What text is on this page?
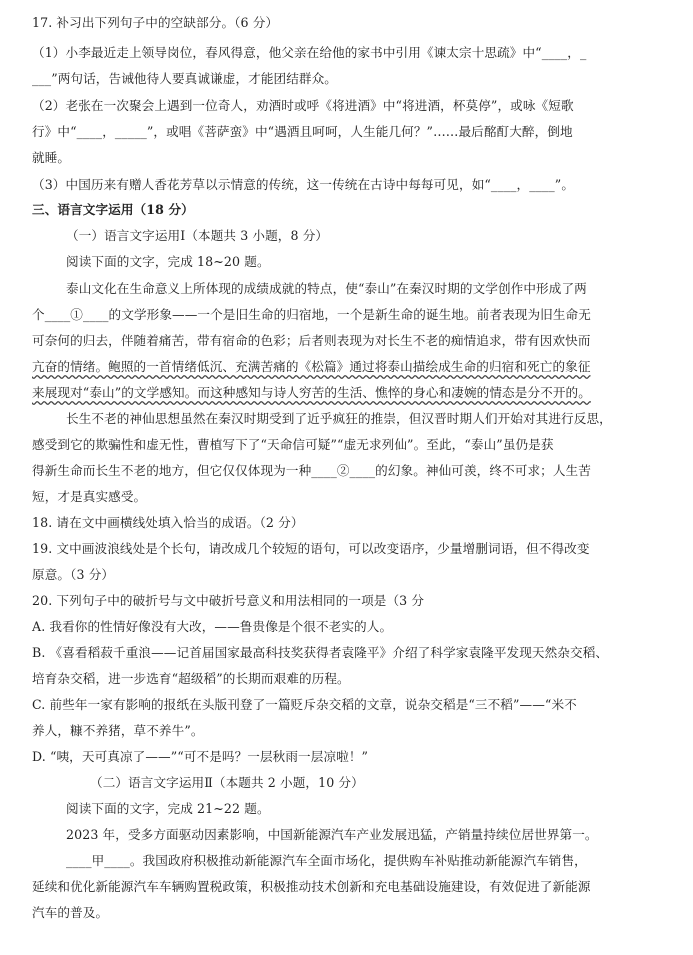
17. 补习出下列句子中的空缺部分。（6 分）
（1）小李最近走上领导岗位，春风得意，他父亲在给他的家书中引用《谏太宗十思疏》中“____，_
___”两句话，告诫他待人要真诚谦虚，才能团结群众。
（2）老张在一次聚会上遇到一位奇人，劝酒时或呼《将进酒》中“将进酒，杯莫停”，或咏《短歌
行》中“____，_____”，或唱《菩萨蛮》中“遇酒且呵呵，人生能几何？”……最后酩酊大醉，倒地
就睡。
（3）中国历来有赠人香花芳草以示情意的传统，这一传统在古诗中每每可见，如“____，____”。
三、语言文字运用（18 分）
（一）语言文字运用Ⅰ（本题共 3 小题，8 分）
阅读下面的文字，完成 18~20 题。
泰山文化在生命意义上所体现的成绩成就的特点，使“泰山”在秦汉时期的文学创作中形成了两
个____①____的文学形象——一个是旧生命的归宿地，一个是新生命的诞生地。前者表现为旧生命无
可奈何的归去，伴随着痛苦，带有宿命的色彩；后者则表现为对长生不老的痴情追求，带有因欢快而
亢奋的情绪。鲍照的一首情绪低沉、充满苦痛的《松篇》通过将泰山描绘成生命的归宿和死亡的象征
来展现对“泰山”的文学感知。而这种感知与诗人穷苦的生活、憔悴的身心和凄婉的情态是分不开的。
长生不老的神仙思想虽然在秦汉时期受到了近乎疯狂的推崇，但汉晋时期人们开始对其进行反思，
感受到它的欺骗性和虚无性，曹植写下了“天命信可疑”“虚无求列仙”。至此，“泰山”虽仍是获
得新生命而长生不老的地方，但它仅仅体现为一种____②____的幻象。神仙可羡，终不可求；人生苦
短，才是真实感受。
18. 请在文中画横线处填入恰当的成语。（2 分）
19. 文中画波浪线处是个长句，请改成几个较短的语句，可以改变语序，少量增删词语，但不得改变
原意。（3 分）
20. 下列句子中的破折号与文中破折号意义和用法相同的一项是（3 分
A. 我看你的性情好像没有大改，——鲁贵像是个很不老实的人。
B. 《喜看稻菽千重浪——记首届国家最高科技奖获得者袁隆平》介绍了科学家袁隆平发现天然杂交稻、
培育杂交稻，进一步选育“超级稻”的长期而艰难的历程。
C. 前些年一家有影响的报纸在头版刊登了一篇贬斥杂交稻的文章，说杂交稻是“三不稻”——“米不
养人，糠不养猪，草不养牛”。
D. “咦，天可真凉了——”“可不是吗？一层秋雨一层凉啦！”
（二）语言文字运用Ⅱ（本题共 2 小题，10 分）
阅读下面的文字，完成 21~22 题。
2023 年，受多方面驱动因素影响，中国新能源汽车产业发展迅猛，产销量持续位居世界第一。
____甲____。我国政府积极推动新能源汽车全面市场化，提供购车补贴推动新能源汽车销售，
延续和优化新能源汽车车辆购置税政策，积极推动技术创新和充电基础设施建设，有效促进了新能源
汽车的普及。
